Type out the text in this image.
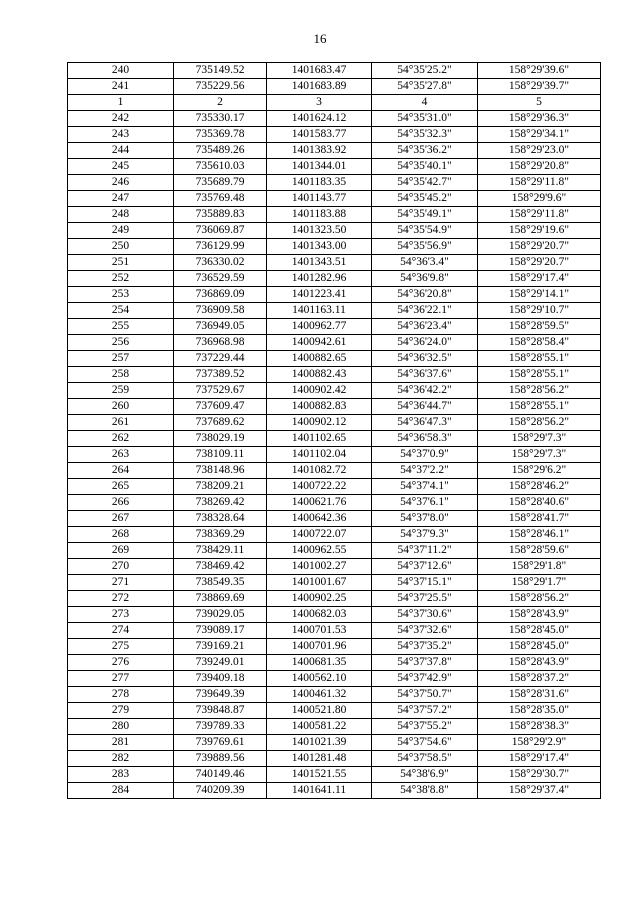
16
240	735149.52	1401683.47	54°35'25.2"	158°29'39.6"
241	735229.56	1401683.89	54°35'27.8"	158°29'39.7"
1	2	3	4	5
242	735330.17	1401624.12	54°35'31.0"	158°29'36.3"
243	735369.78	1401583.77	54°35'32.3"	158°29'34.1"
244	735489.26	1401383.92	54°35'36.2"	158°29'23.0"
245	735610.03	1401344.01	54°35'40.1"	158°29'20.8"
246	735689.79	1401183.35	54°35'42.7"	158°29'11.8"
247	735769.48	1401143.77	54°35'45.2"	158°29'9.6"
248	735889.83	1401183.88	54°35'49.1"	158°29'11.8"
249	736069.87	1401323.50	54°35'54.9"	158°29'19.6"
250	736129.99	1401343.00	54°35'56.9"	158°29'20.7"
251	736330.02	1401343.51	54°36'3.4"	158°29'20.7"
252	736529.59	1401282.96	54°36'9.8"	158°29'17.4"
253	736869.09	1401223.41	54°36'20.8"	158°29'14.1"
254	736909.58	1401163.11	54°36'22.1"	158°29'10.7"
255	736949.05	1400962.77	54°36'23.4"	158°28'59.5"
256	736968.98	1400942.61	54°36'24.0"	158°28'58.4"
257	737229.44	1400882.65	54°36'32.5"	158°28'55.1"
258	737389.52	1400882.43	54°36'37.6"	158°28'55.1"
259	737529.67	1400902.42	54°36'42.2"	158°28'56.2"
260	737609.47	1400882.83	54°36'44.7"	158°28'55.1"
261	737689.62	1400902.12	54°36'47.3"	158°28'56.2"
262	738029.19	1401102.65	54°36'58.3"	158°29'7.3"
263	738109.11	1401102.04	54°37'0.9"	158°29'7.3"
264	738148.96	1401082.72	54°37'2.2"	158°29'6.2"
265	738209.21	1400722.22	54°37'4.1"	158°28'46.2"
266	738269.42	1400621.76	54°37'6.1"	158°28'40.6"
267	738328.64	1400642.36	54°37'8.0"	158°28'41.7"
268	738369.29	1400722.07	54°37'9.3"	158°28'46.1"
269	738429.11	1400962.55	54°37'11.2"	158°28'59.6"
270	738469.42	1401002.27	54°37'12.6"	158°29'1.8"
271	738549.35	1401001.67	54°37'15.1"	158°29'1.7"
272	738869.69	1400902.25	54°37'25.5"	158°28'56.2"
273	739029.05	1400682.03	54°37'30.6"	158°28'43.9"
274	739089.17	1400701.53	54°37'32.6"	158°28'45.0"
275	739169.21	1400701.96	54°37'35.2"	158°28'45.0"
276	739249.01	1400681.35	54°37'37.8"	158°28'43.9"
277	739409.18	1400562.10	54°37'42.9"	158°28'37.2"
278	739649.39	1400461.32	54°37'50.7"	158°28'31.6"
279	739848.87	1400521.80	54°37'57.2"	158°28'35.0"
280	739789.33	1400581.22	54°37'55.2"	158°28'38.3"
281	739769.61	1401021.39	54°37'54.6"	158°29'2.9"
282	739889.56	1401281.48	54°37'58.5"	158°29'17.4"
283	740149.46	1401521.55	54°38'6.9"	158°29'30.7"
284	740209.39	1401641.11	54°38'8.8"	158°29'37.4"
